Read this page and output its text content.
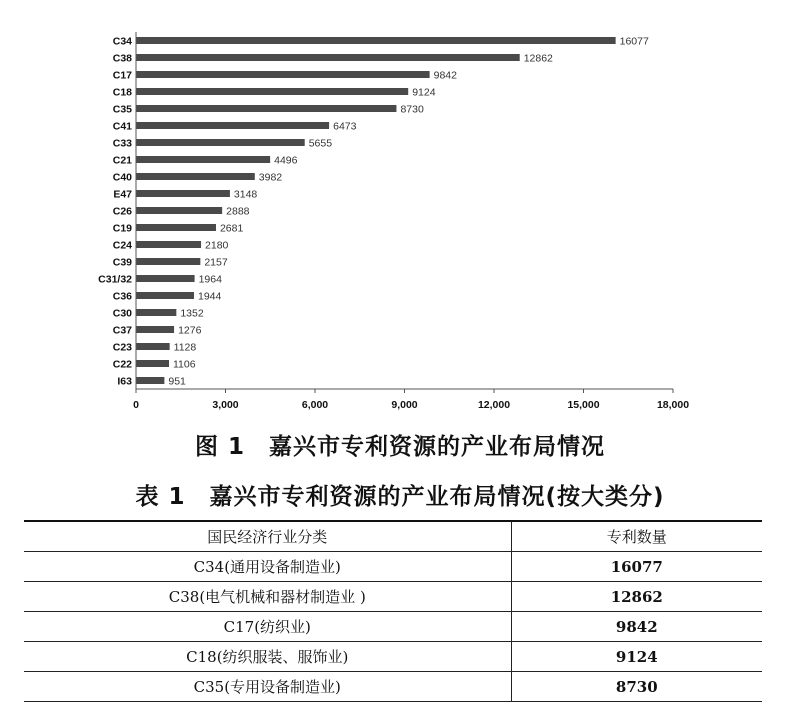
C34	16077
C38	12862
C17	9842
C18	9124
C35	8730
C41	6473
C33	5655
C21	4496
C40	3982
E47	3148
C26	2888
C19	2681
C24	2180
C39	2157
C31/32	1964
C36	1944
C30	1352
C37	1276
C23	1128
C22	1106
I63	951
0	3,000	6,000	9,000	12,000	15,000	18,000
图 1　嘉兴市专利资源的产业布局情况
表 1　嘉兴市专利资源的产业布局情况(按大类分)
国民经济行业分类	专利数量
C34(通用设备制造业)	16077
C38(电气机械和器材制造业 )	12862
C17(纺织业)	9842
C18(纺织服装、服饰业)	9124
C35(专用设备制造业)	8730
